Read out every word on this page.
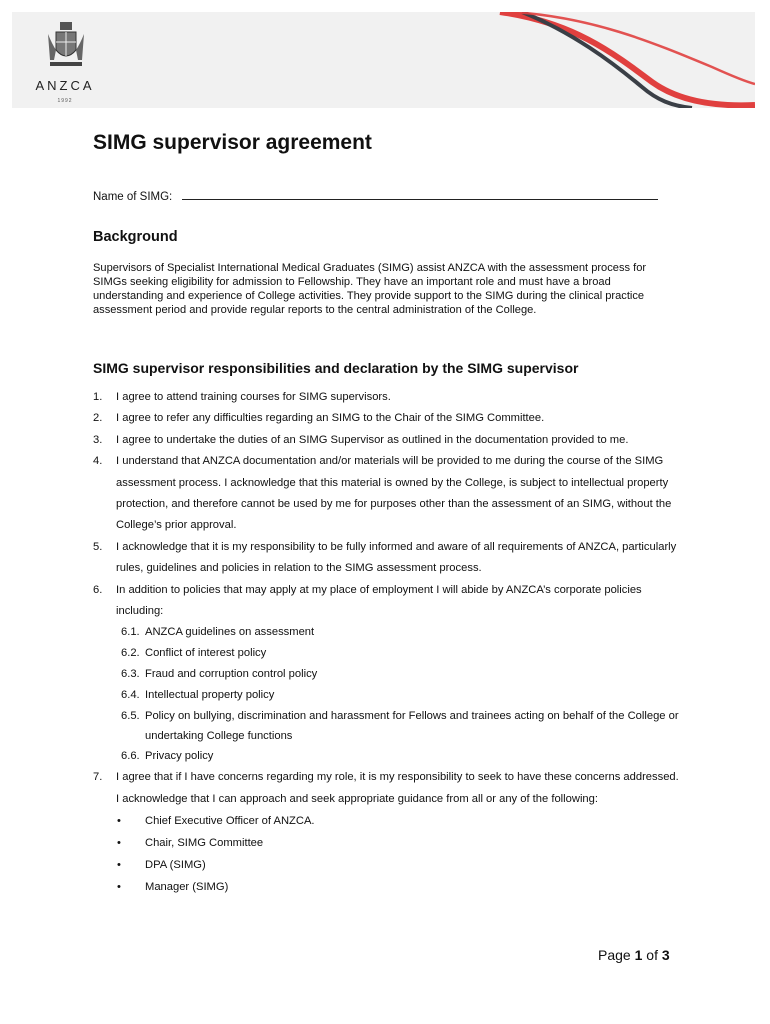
ANZCA
1992
SIMG supervisor agreement
Name of SIMG:
Background

Supervisors of Specialist International Medical Graduates (SIMG) assist ANZCA with the assessment process for SIMGs seeking eligibility for admission to Fellowship. They have an important role and must have a broad understanding and experience of College activities. They provide support to the SIMG during the clinical practice assessment period and provide regular reports to the central administration of the College.

SIMG supervisor responsibilities and declaration by the SIMG supervisor
1. I agree to attend training courses for SIMG supervisors.
2. I agree to refer any difficulties regarding an SIMG to the Chair of the SIMG Committee.
3. I agree to undertake the duties of an SIMG Supervisor as outlined in the documentation provided to me.
4. I understand that ANZCA documentation and/or materials will be provided to me during the course of the SIMG assessment process. I acknowledge that this material is owned by the College, is subject to intellectual property protection, and therefore cannot be used by me for purposes other than the assessment of an SIMG, without the College’s prior approval.
5. I acknowledge that it is my responsibility to be fully informed and aware of all requirements of ANZCA, particularly rules, guidelines and policies in relation to the SIMG assessment process.
6. In addition to policies that may apply at my place of employment I will abide by ANZCA’s corporate policies including:
6.1. ANZCA guidelines on assessment
6.2. Conflict of interest policy
6.3. Fraud and corruption control policy
6.4. Intellectual property policy
6.5. Policy on bullying, discrimination and harassment for Fellows and trainees acting on behalf of the College or undertaking College functions
6.6. Privacy policy
7. I agree that if I have concerns regarding my role, it is my responsibility to seek to have these concerns addressed. I acknowledge that I can approach and seek appropriate guidance from all or any of the following:
• Chief Executive Officer of ANZCA.
• Chair, SIMG Committee
• DPA (SIMG)
• Manager (SIMG)
Page 1 of 3
